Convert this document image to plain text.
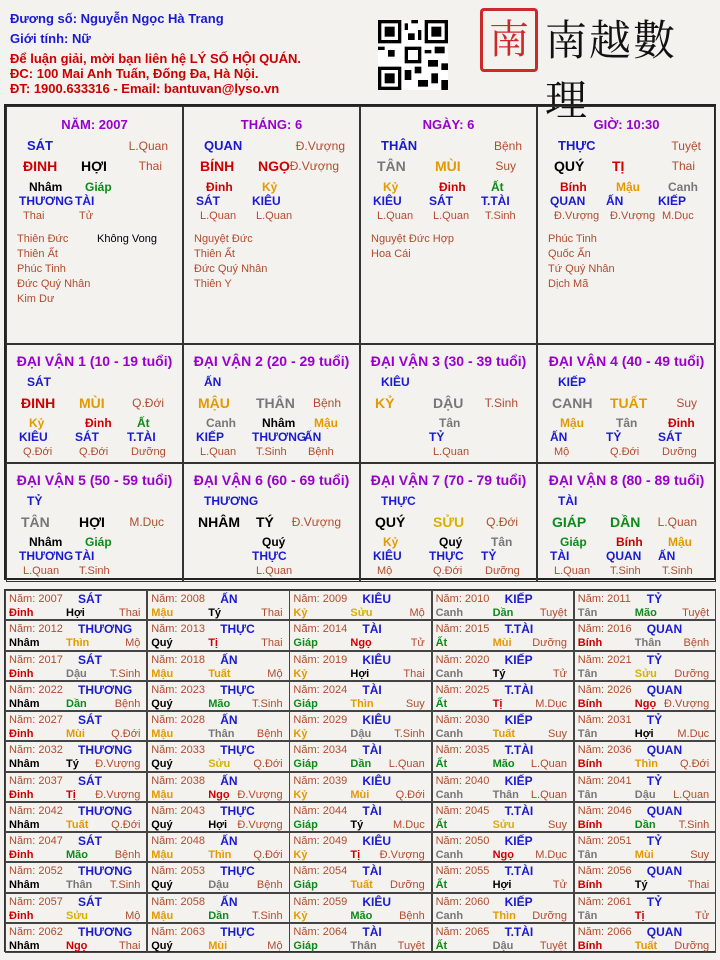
Đương số: Nguyễn Ngọc Hà Trang
Giới tính: Nữ
Để luận giải, mời bạn liên hệ LÝ SỐ HỘI QUÁN.
ĐC: 100 Mai Anh Tuấn, Đống Đa, Hà Nội.
ĐT: 1900.633316 - Email: bantuvan@lyso.vn
南 南越數理
NĂM: 2007
SÁT	L.Quan
ĐINH HỢI	Thai
Nhâm Giáp
THƯƠNG TÀI
Thai	Tử
Thiên Đức
Thiên Ất
Phúc Tinh
Đức Quý Nhân
Kim Dư
Không Vong
THÁNG: 6
QUAN	Đ.Vượng
BÍNH NGỌ Đ.Vượng
Đinh Kỷ
SÁT	KIÊU
L.Quan L.Quan
Nguyệt Đức
Thiên Ất
Đức Quý Nhân
Thiên Y
NGÀY: 6
THÂN	Bệnh
TÂN MÙI	Suy
Kỷ	Đinh Ất
KIÊU SÁT T.TÀI
L.Quan L.Quan T.Sinh
Nguyệt Đức Hợp
Hoa Cái
GIỜ: 10:30
THỰC	Tuyệt
QUÝ TỊ	Thai
Bính Mậu Canh
QUAN ẤN	KIẾP
Đ.Vượng Đ.Vượng M.Dục
Phúc Tinh
Quốc Ấn
Tứ Quý Nhân
Dịch Mã
ĐẠI VẬN 1 (10 - 19 tuổi)
SÁT
ĐINH MÙI Q.Đới
Kỷ	Đinh Ất
KIÊU SÁT T.TÀI
Q.Đới Q.Đới Dưỡng
ĐẠI VẬN 2 (20 - 29 tuổi)
ẤN
MẬU THÂN Bệnh
Canh Nhâm Mậu
KIẾP THƯƠNG
ẤN
L.Quan T.Sinh Bệnh
ĐẠI VẬN 3 (30 - 39 tuổi)
KIÊU
KỶ	DẬU T.Sinh
Tân
TỶ
L.Quan
ĐẠI VẬN 4 (40 - 49 tuổi)
KIẾP
CANH TUẤT Suy
Mậu	Tân	Đinh
ẤN	TỶ	SÁT
Mộ	Q.Đới Dưỡng
ĐẠI VẬN 5 (50 - 59 tuổi)
TỶ
TÂN HỢI M.Dục
Nhâm Giáp
THƯƠNG TÀI
L.Quan T.Sinh
ĐẠI VẬN 6 (60 - 69 tuổi)
THƯƠNG
NHÂM TÝ Đ.Vượng
Quý
THỰC
L.Quan
ĐẠI VẬN 7 (70 - 79 tuổi)
THỰC
QUÝ SỬU Q.Đới
Kỷ	Quý Tân
KIÊU THỰC TỶ
Mộ	Q.Đới Dưỡng
ĐẠI VẬN 8 (80 - 89 tuổi)
TÀI
GIÁP DẦN L.Quan
Giáp Bính Mậu
TÀI	QUAN ẤN
L.Quan T.Sinh T.Sinh
Năm: 2007 SÁT
Đinh	Hợi	Thai
Năm: 2008 ẤN
Mậu	Tý	Thai
Năm: 2009 KIÊU
Kỷ	Sửu	Mộ
Năm: 2010 KIẾP
Canh	Dần Tuyệt
Năm: 2011 TỶ
Tân	Mão Tuyệt
Năm: 2012 THƯƠNG
Nhâm Thìn	Mộ
Năm: 2013 THỰC
Quý	Tị	Thai
Năm: 2014 TÀI
Giáp	Ngọ	Tử
Năm: 2015 T.TÀI
Ất	Mùi Dưỡng
Năm: 2016 QUAN
Bính	Thân Bệnh
Năm: 2017 SÁT
Đinh	Dậu T.Sinh
Năm: 2018 ẤN
Mậu	Tuất	Mộ
Năm: 2019 KIÊU
Kỷ	Hợi	Thai
Năm: 2020 KIẾP
Canh	Tý	Tử
Năm: 2021 TỶ
Tân	Sửu Dưỡng
Năm: 2022 THƯƠNG
Nhâm Dần	Bệnh
Năm: 2023 THỰC
Quý	Mão T.Sinh
Năm: 2024 TÀI
Giáp	Thìn	Suy
Năm: 2025 T.TÀI
Ất	Tị	M.Dục
Năm: 2026 QUAN
Bính	Ngọ Đ.Vượng
Năm: 2027 SÁT
Đinh	Mùi Q.Đới
Năm: 2028 ẤN
Mậu	Thân Bệnh
Năm: 2029 KIÊU
Kỷ	Dậu T.Sinh
Năm: 2030 KIẾP
Canh	Tuất	Suy
Năm: 2031 TỶ
Tân	Hợi M.Dục
Năm: 2032 THƯƠNG
Nhâm Tý Đ.Vượng
Năm: 2033 THỰC
Quý	Sửu Q.Đới
Năm: 2034 TÀI
Giáp	Dần L.Quan
Năm: 2035 T.TÀI
Ất	Mão L.Quan
Năm: 2036 QUAN
Bính	Thìn Q.Đới
Năm: 2037 SÁT
Đinh	Tị Đ.Vượng
Năm: 2038 ẤN
Mậu	Ngọ Đ.Vượng
Năm: 2039 KIÊU
Kỷ	Mùi Q.Đới
Năm: 2040 KIẾP
Canh	Thân L.Quan
Năm: 2041 TỶ
Tân	Dậu L.Quan
Năm: 2042 THƯƠNG
Nhâm Tuất Q.Đới
Năm: 2043 THỰC
Quý	Hợi Đ.Vượng
Năm: 2044 TÀI
Giáp	Tý	M.Dục
Năm: 2045 T.TÀI
Ất	Sửu	Suy
Năm: 2046 QUAN
Bính	Dần T.Sinh
Năm: 2047 SÁT
Đinh	Mão Bệnh
Năm: 2048 ẤN
Mậu	Thìn Q.Đới
Năm: 2049 KIÊU
Kỷ	Tị Đ.Vượng
Năm: 2050 KIẾP
Canh	Ngọ M.Dục
Năm: 2051 TỶ
Tân	Mùi	Suy
Năm: 2052 THƯƠNG
Nhâm Thân T.Sinh
Năm: 2053 THỰC
Quý	Dậu	Bệnh
Năm: 2054 TÀI
Giáp	Tuất Dưỡng
Năm: 2055 T.TÀI
Ất	Hợi	Tử
Năm: 2056 QUAN
Bính	Tý	Thai
Năm: 2057 SÁT
Đinh	Sửu	Mộ
Năm: 2058 ẤN
Mậu	Dần T.Sinh
Năm: 2059 KIÊU
Kỷ	Mão Bệnh
Năm: 2060 KIẾP
Canh	Thìn Dưỡng
Năm: 2061 TỶ
Tân	Tị	Tử
Năm: 2062 THƯƠNG
Nhâm Ngọ	Thai
Năm: 2063 THỰC
Quý	Mùi	Mộ
Năm: 2064 TÀI
Giáp	Thân Tuyệt
Năm: 2065 T.TÀI
Ất	Dậu Tuyệt
Năm: 2066 QUAN
Bính	Tuất Dưỡng
